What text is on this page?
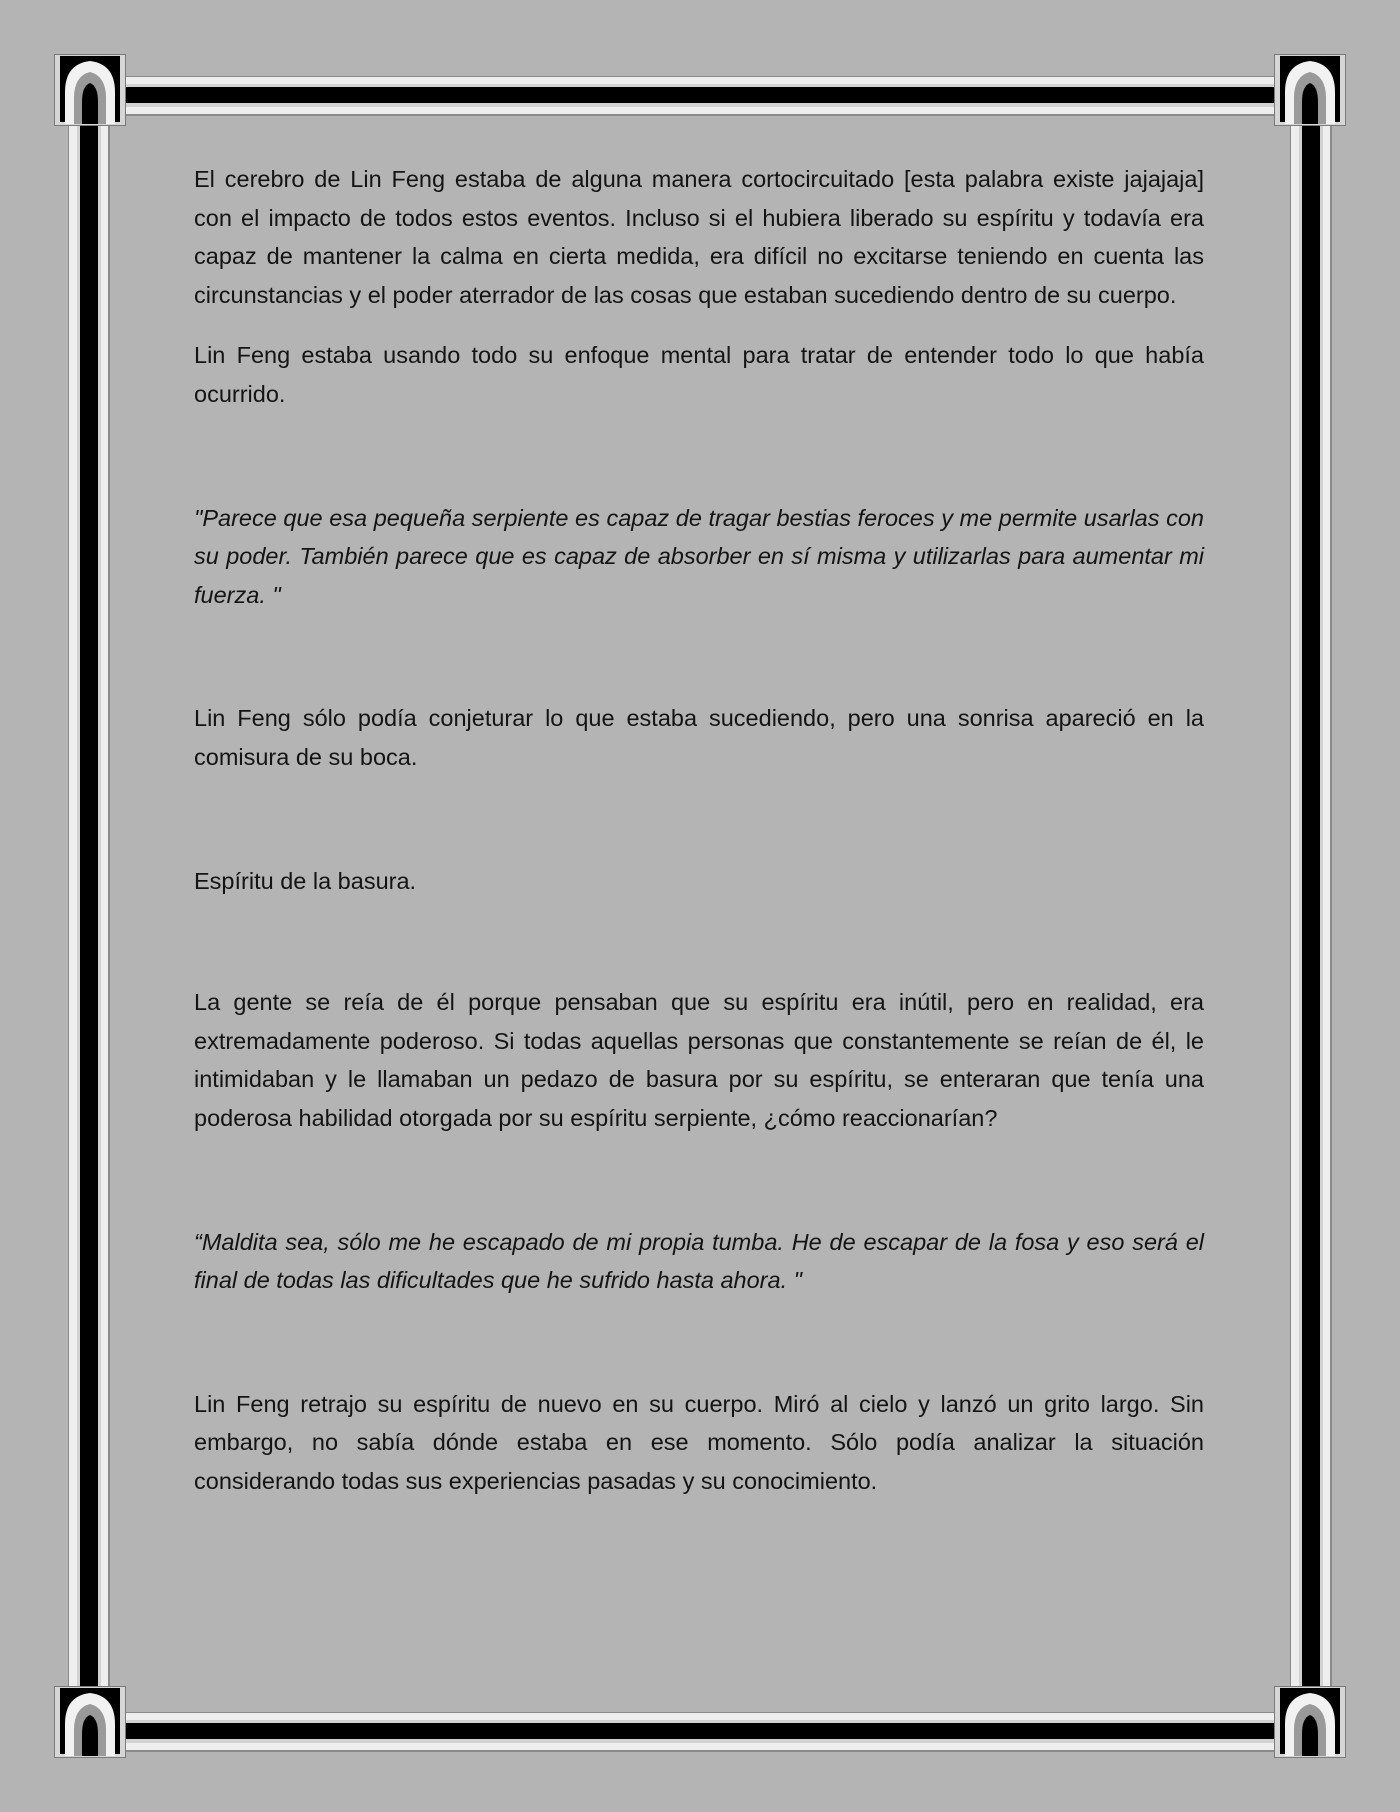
El cerebro de Lin Feng estaba de alguna manera cortocircuitado [esta palabra existe jajajaja] con el impacto de todos estos eventos. Incluso si el hubiera liberado su espíritu y todavía era capaz de mantener la calma en cierta medida, era difícil no excitarse teniendo en cuenta las circunstancias y el poder aterrador de las cosas que estaban sucediendo dentro de su cuerpo.

Lin Feng estaba usando todo su enfoque mental para tratar de entender todo lo que había ocurrido.

"Parece que esa pequeña serpiente es capaz de tragar bestias feroces y me permite usarlas con su poder. También parece que es capaz de absorber en sí misma y utilizarlas para aumentar mi fuerza. "

Lin Feng sólo podía conjeturar lo que estaba sucediendo, pero una sonrisa apareció en la comisura de su boca.

Espíritu de la basura.

La gente se reía de él porque pensaban que su espíritu era inútil, pero en realidad, era extremadamente poderoso. Si todas aquellas personas que constantemente se reían de él, le intimidaban y le llamaban un pedazo de basura por su espíritu, se enteraran que tenía una poderosa habilidad otorgada por su espíritu serpiente, ¿cómo reaccionarían?

“Maldita sea, sólo me he escapado de mi propia tumba. He de escapar de la fosa y eso será el final de todas las dificultades que he sufrido hasta ahora. "

Lin Feng retrajo su espíritu de nuevo en su cuerpo. Miró al cielo y lanzó un grito largo. Sin embargo, no sabía dónde estaba en ese momento. Sólo podía analizar la situación considerando todas sus experiencias pasadas y su conocimiento.
